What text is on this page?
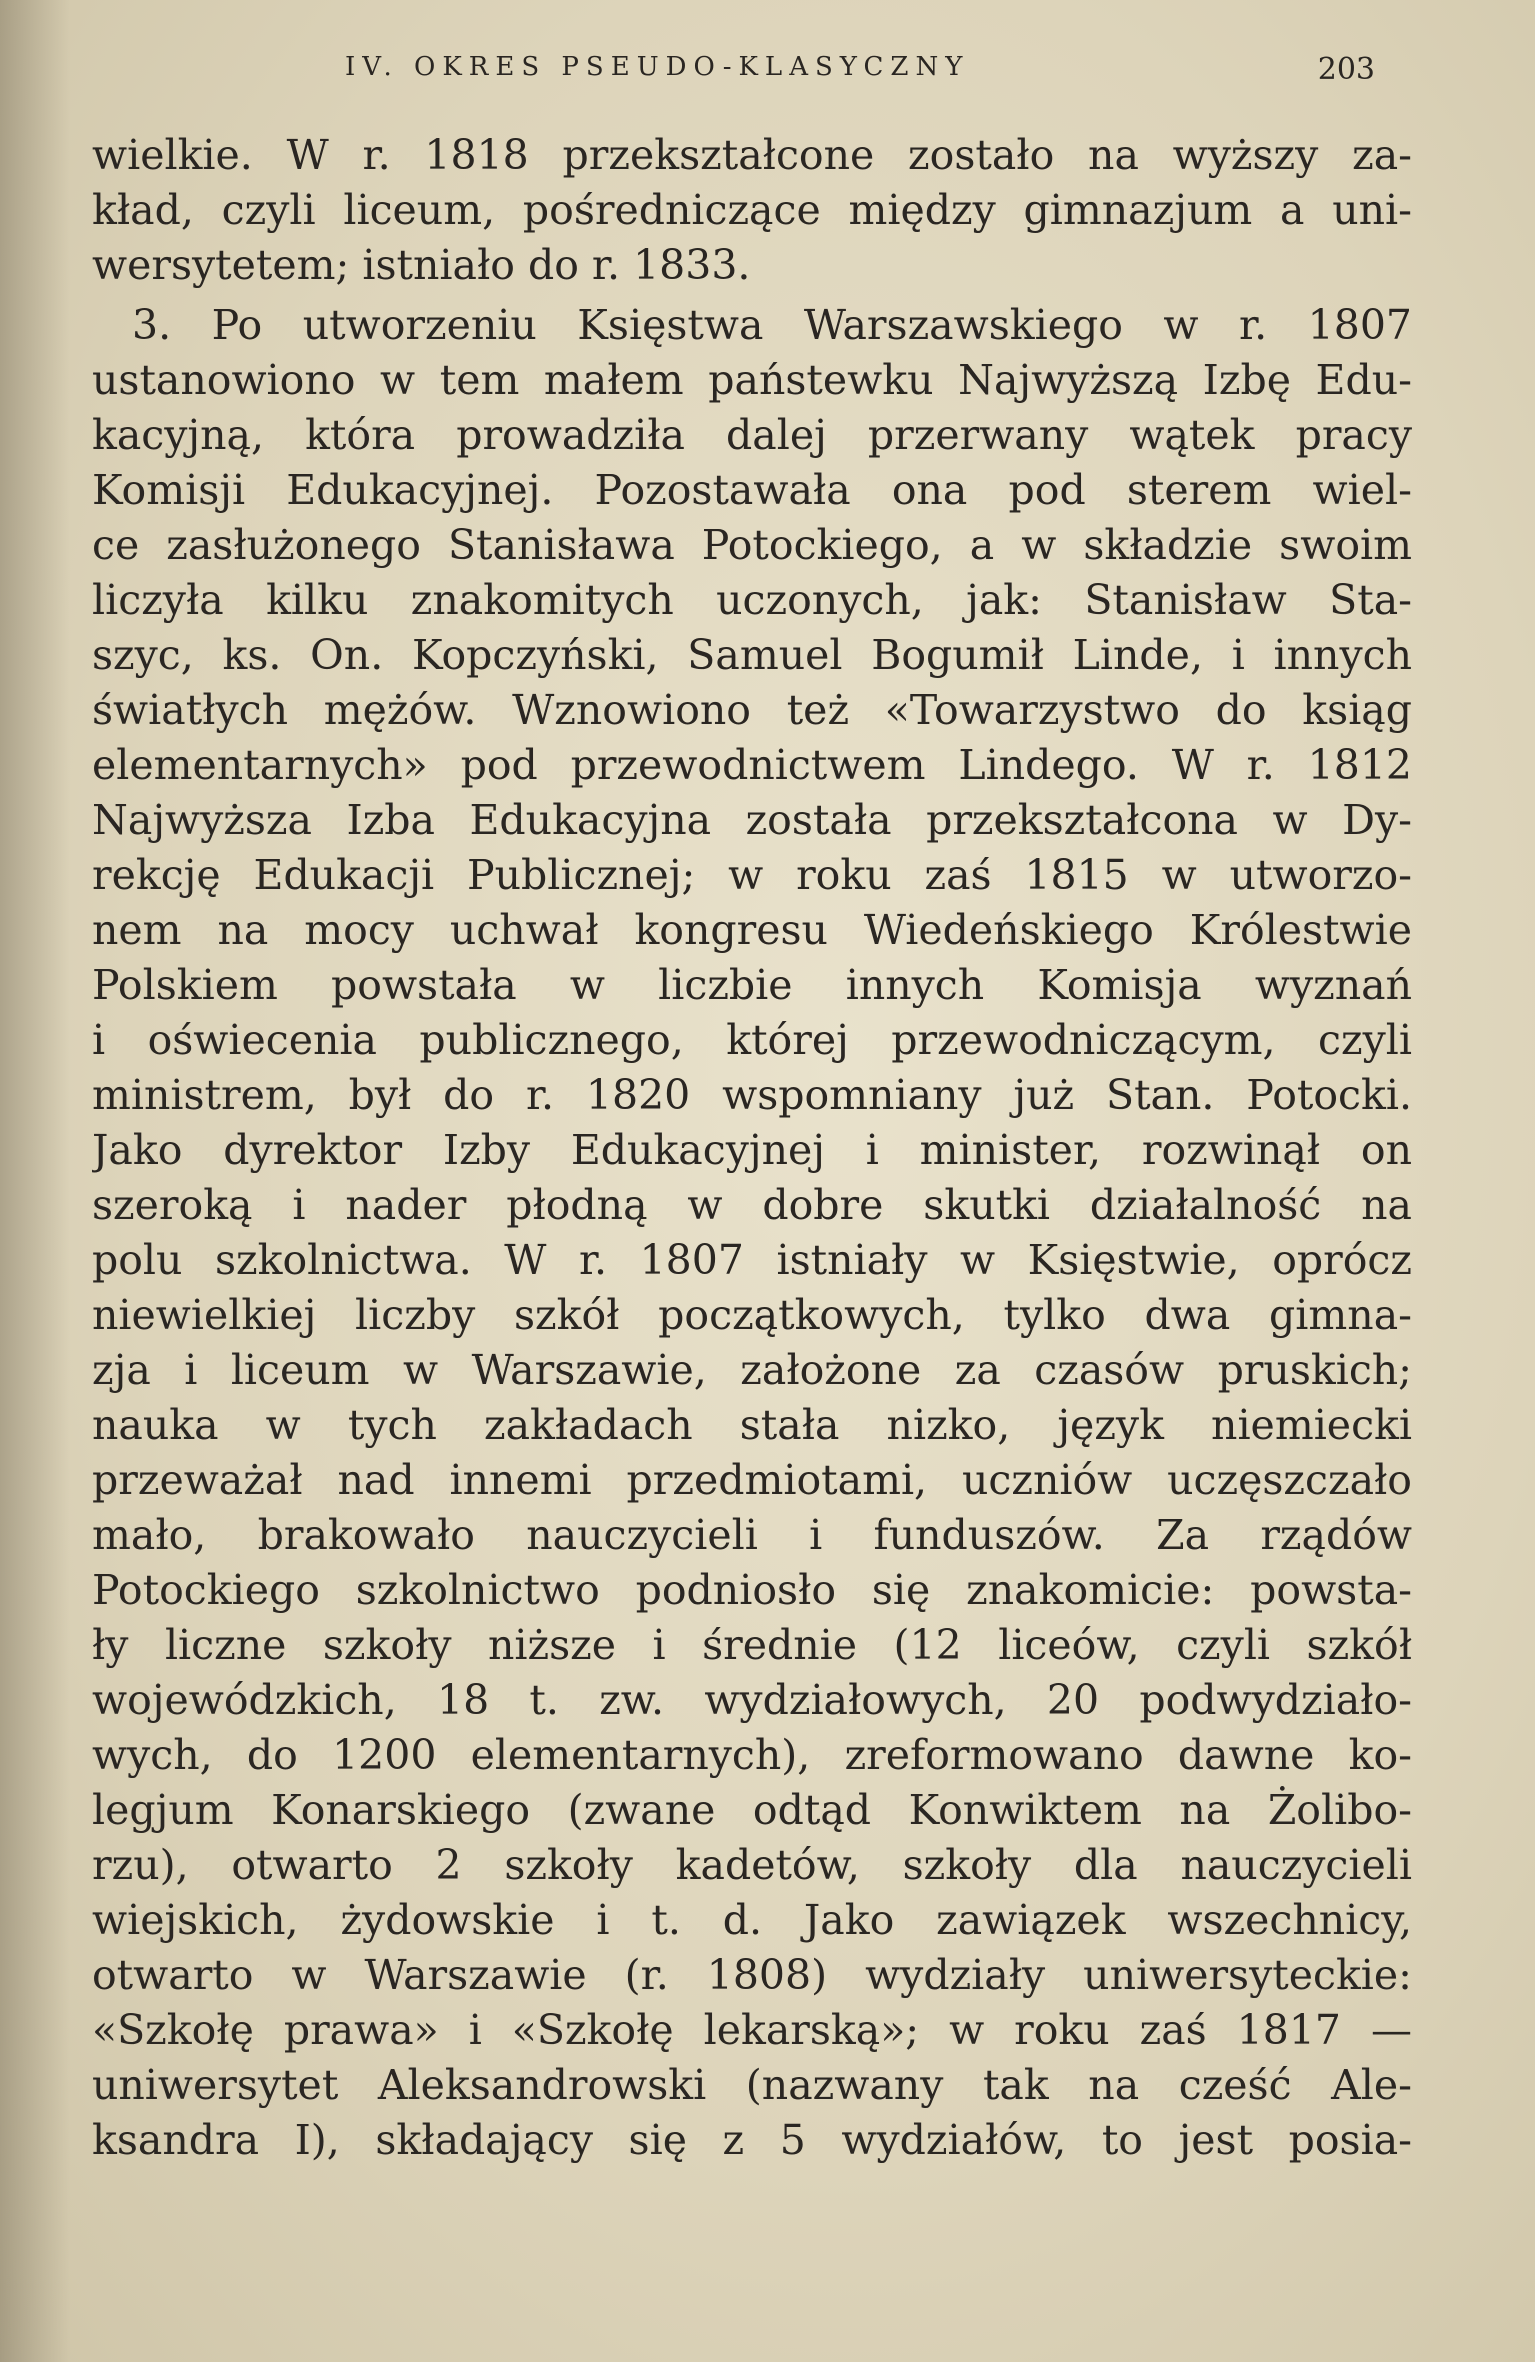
IV. OKRES PSEUDO-KLASYCZNY	203
wielkie. W r. 1818 przekształcone zostało na wyższy za-
kład, czyli liceum, pośredniczące między gimnazjum a uni-
wersytetem; istniało do r. 1833.
3. Po utworzeniu Księstwa Warszawskiego w r. 1807
ustanowiono w tem małem państewku Najwyższą Izbę Edu-
kacyjną, która prowadziła dalej przerwany wątek pracy
Komisji Edukacyjnej. Pozostawała ona pod sterem wiel-
ce zasłużonego Stanisława Potockiego, a w składzie swoim
liczyła kilku znakomitych uczonych, jak: Stanisław Sta-
szyc, ks. On. Kopczyński, Samuel Bogumił Linde, i innych
światłych mężów. Wznowiono też «Towarzystwo do ksiąg
elementarnych» pod przewodnictwem Lindego. W r. 1812
Najwyższa Izba Edukacyjna została przekształcona w Dy-
rekcję Edukacji Publicznej; w roku zaś 1815 w utworzo-
nem na mocy uchwał kongresu Wiedeńskiego Królestwie
Polskiem powstała w liczbie innych Komisja wyznań
i oświecenia publicznego, której przewodniczącym, czyli
ministrem, był do r. 1820 wspomniany już Stan. Potocki.
Jako dyrektor Izby Edukacyjnej i minister, rozwinął on
szeroką i nader płodną w dobre skutki działalność na
polu szkolnictwa. W r. 1807 istniały w Księstwie, oprócz
niewielkiej liczby szkół początkowych, tylko dwa gimna-
zja i liceum w Warszawie, założone za czasów pruskich;
nauka w tych zakładach stała nizko, język niemiecki
przeważał nad innemi przedmiotami, uczniów uczęszczało
mało, brakowało nauczycieli i funduszów. Za rządów
Potockiego szkolnictwo podniosło się znakomicie: powsta-
ły liczne szkoły niższe i średnie (12 liceów, czyli szkół
wojewódzkich, 18 t. zw. wydziałowych, 20 podwydziało-
wych, do 1200 elementarnych), zreformowano dawne ko-
legjum Konarskiego (zwane odtąd Konwiktem na Żolibo-
rzu), otwarto 2 szkoły kadetów, szkoły dla nauczycieli
wiejskich, żydowskie i t. d. Jako zawiązek wszechnicy,
otwarto w Warszawie (r. 1808) wydziały uniwersyteckie:
«Szkołę prawa» i «Szkołę lekarską»; w roku zaś 1817 —
uniwersytet Aleksandrowski (nazwany tak na cześć Ale-
ksandra I), składający się z 5 wydziałów, to jest posia-
